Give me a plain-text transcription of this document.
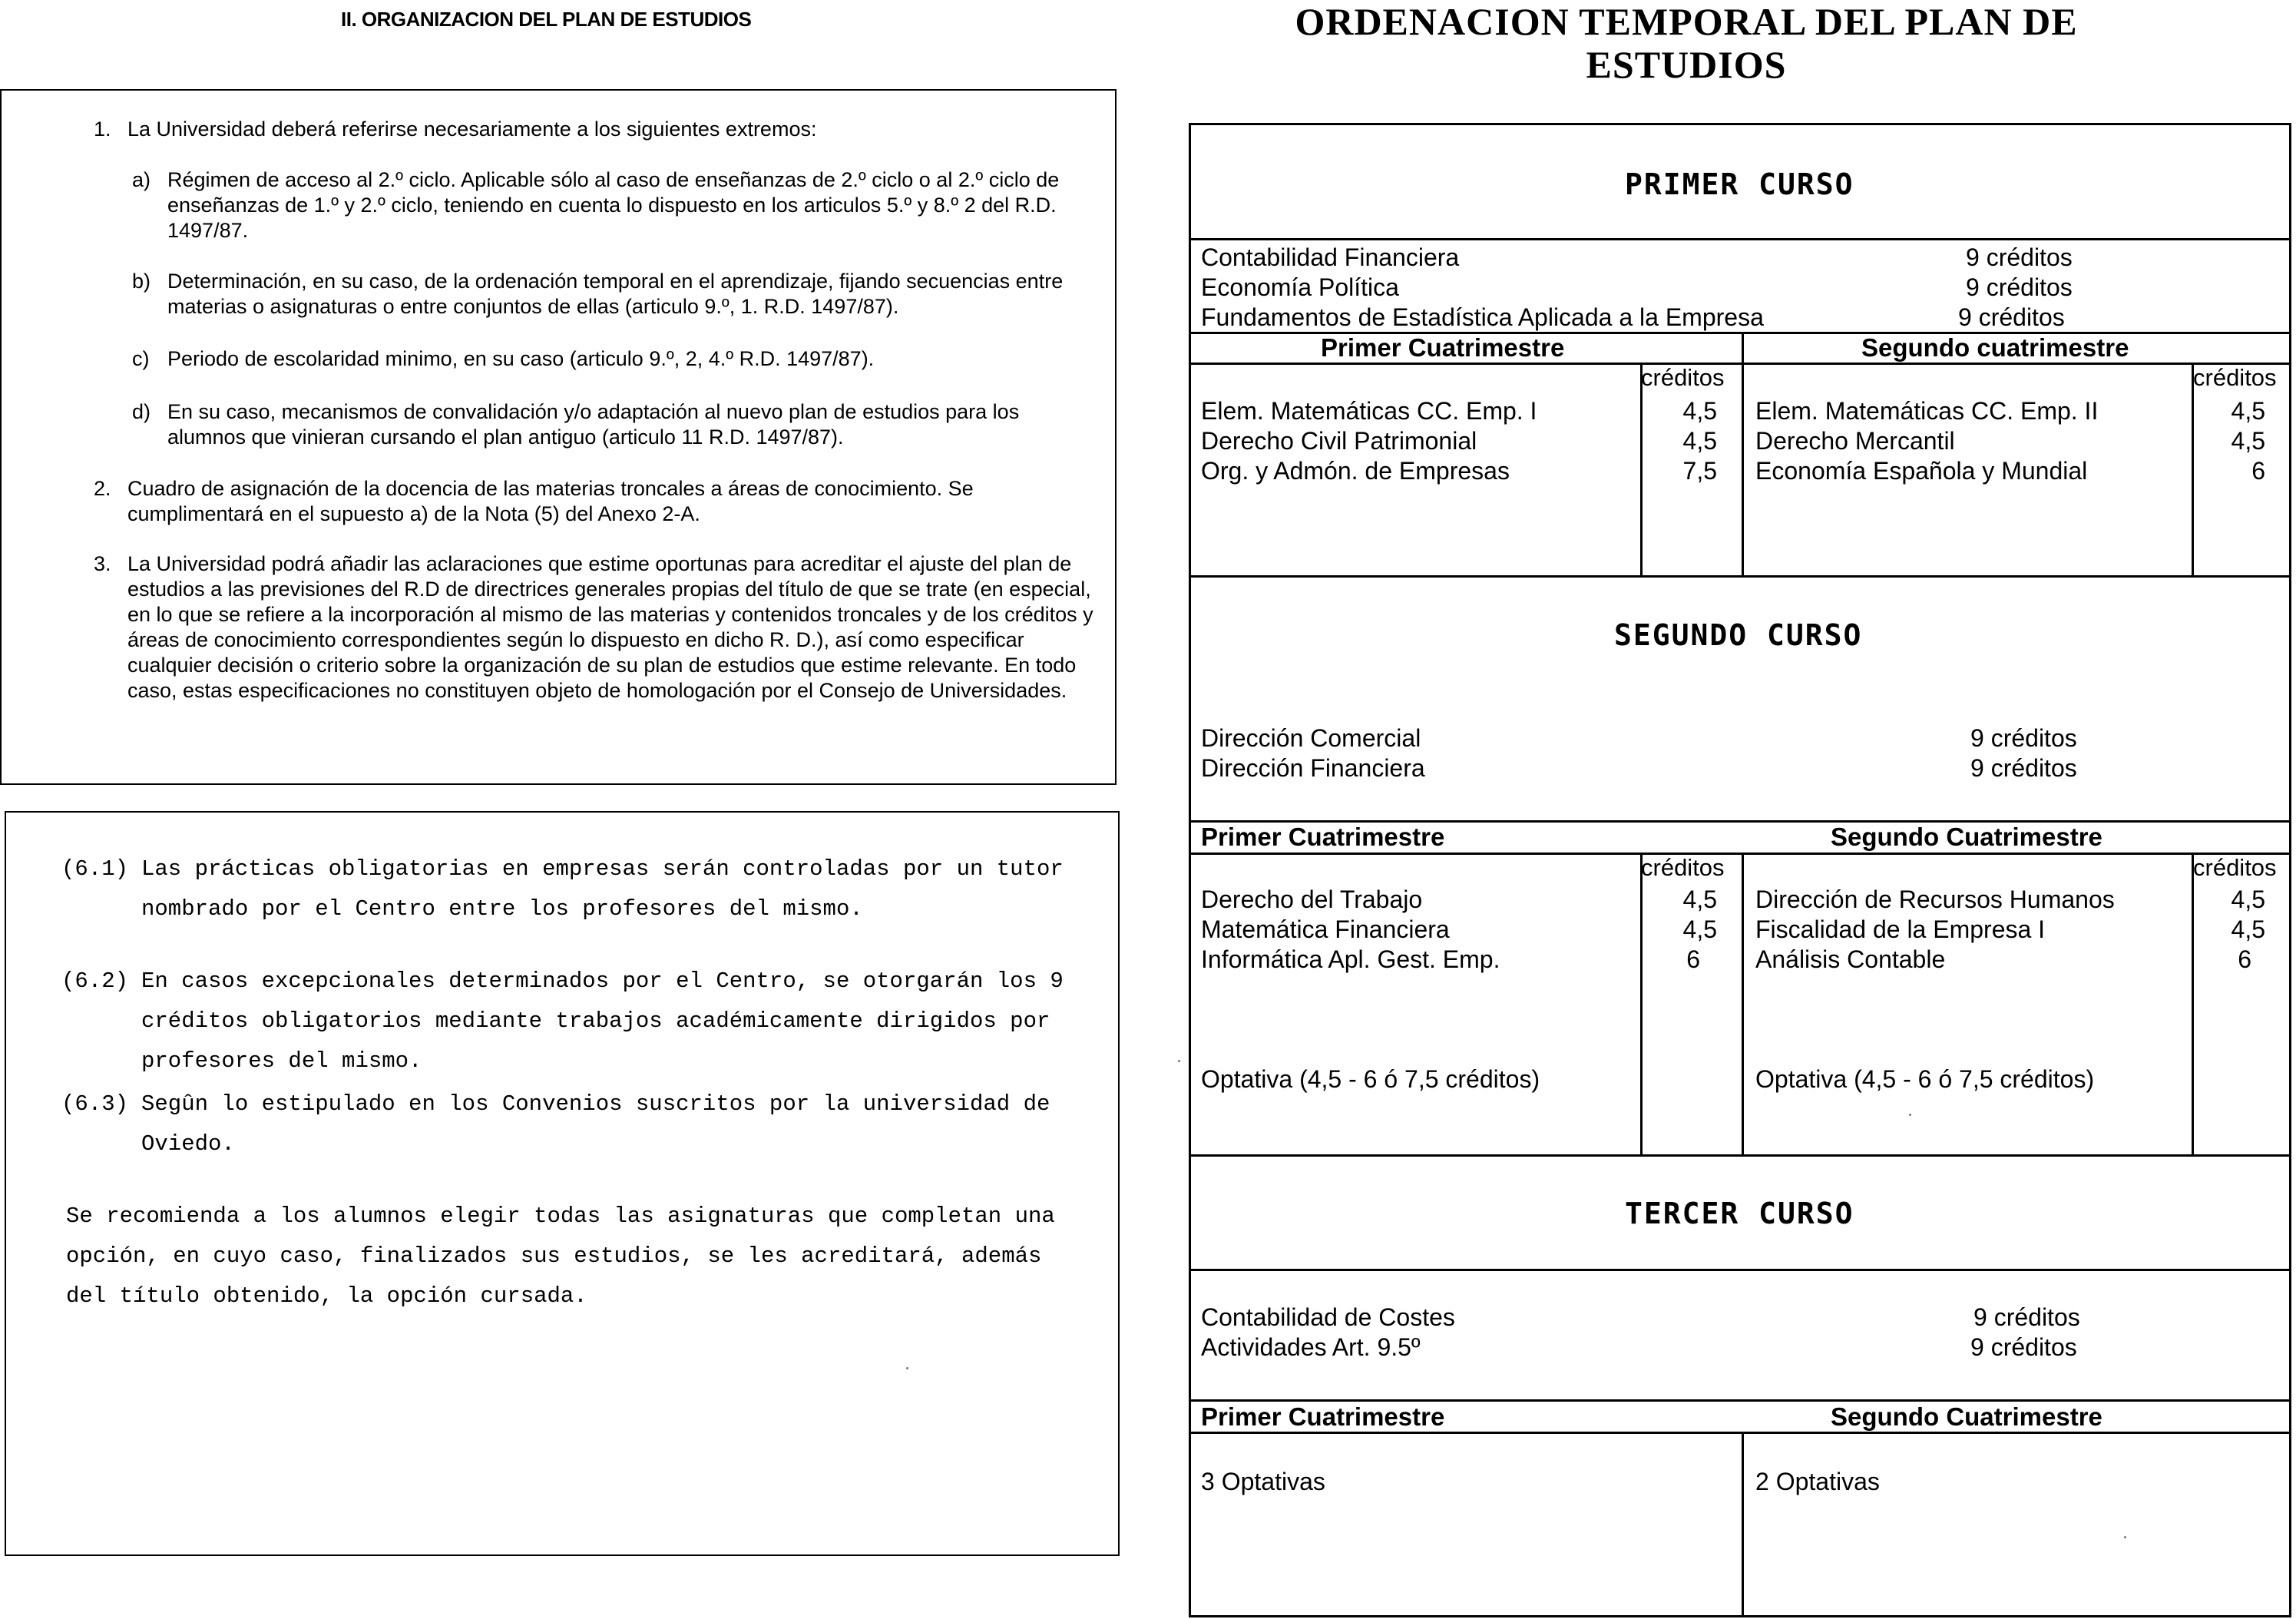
II. ORGANIZACION DEL PLAN DE ESTUDIOS
1. La Universidad deberá referirse necesariamente a los siguientes extremos:
a) Régimen de acceso al 2.º ciclo. Aplicable sólo al caso de enseñanzas de 2.º ciclo o al 2.º ciclo de enseñanzas de 1.º y 2.º ciclo, teniendo en cuenta lo dispuesto en los articulos 5.º y 8.º 2 del R.D. 1497/87.
b) Determinación, en su caso, de la ordenación temporal en el aprendizaje, fijando secuencias entre materias o asignaturas o entre conjuntos de ellas (articulo 9.º, 1. R.D. 1497/87).
c) Periodo de escolaridad minimo, en su caso (articulo 9.º, 2, 4.º R.D. 1497/87).
d) En su caso, mecanismos de convalidación y/o adaptación al nuevo plan de estudios para los alumnos que vinieran cursando el plan antiguo (articulo 11 R.D. 1497/87).
2. Cuadro de asignación de la docencia de las materias troncales a áreas de conocimiento. Se cumplimentará en el supuesto a) de la Nota (5) del Anexo 2-A.
3. La Universidad podrá añadir las aclaraciones que estime oportunas para acreditar el ajuste del plan de estudios a las previsiones del R.D de directrices generales propias del título de que se trate (en especial, en lo que se refiere a la incorporación al mismo de las materias y contenidos troncales y de los créditos y áreas de conocimiento correspondientes según lo dispuesto en dicho R. D.), así como especificar cualquier decisión o criterio sobre la organización de su plan de estudios que estime relevante. En todo caso, estas especificaciones no constituyen objeto de homologación por el Consejo de Universidades.
(6.1) Las prácticas obligatorias en empresas serán controladas por un tutor nombrado por el Centro entre los profesores del mismo.
(6.2) En casos excepcionales determinados por el Centro, se otorgarán los 9 créditos obligatorios mediante trabajos académicamente dirigidos por profesores del mismo.
(6.3) Segûn lo estipulado en los Convenios suscritos por la universidad de Oviedo.
Se recomienda a los alumnos elegir todas las asignaturas que completan una opción, en cuyo caso, finalizados sus estudios, se les acreditará, además del título obtenido, la opción cursada.
ORDENACION TEMPORAL DEL PLAN DE ESTUDIOS
PRIMER CURSO
Contabilidad Financiera	9 créditos
Economía Política	9 créditos
Fundamentos de Estadística Aplicada a la Empresa	9 créditos
Primer Cuatrimestre	Segundo cuatrimestre
créditos	créditos
Elem. Matemáticas CC. Emp. I	4,5
Derecho Civil Patrimonial	4,5
Org. y Admón. de Empresas	7,5
Elem. Matemáticas CC. Emp. II	4,5
Derecho Mercantil	4,5
Economía Española y Mundial	6
SEGUNDO CURSO
Dirección Comercial	9 créditos
Dirección Financiera	9 créditos
Primer Cuatrimestre	Segundo Cuatrimestre
créditos	créditos
Derecho del Trabajo	4,5
Matemática Financiera	4,5
Informática Apl. Gest. Emp.	6
Dirección de Recursos Humanos	4,5
Fiscalidad de la Empresa I	4,5
Análisis Contable	6
Optativa (4,5 - 6 ó 7,5 créditos)	Optativa (4,5 - 6 ó 7,5 créditos)
TERCER CURSO
Contabilidad de Costes	9 créditos
Actividades Art. 9.5º	9 créditos
Primer Cuatrimestre	Segundo Cuatrimestre
3 Optativas	2 Optativas
